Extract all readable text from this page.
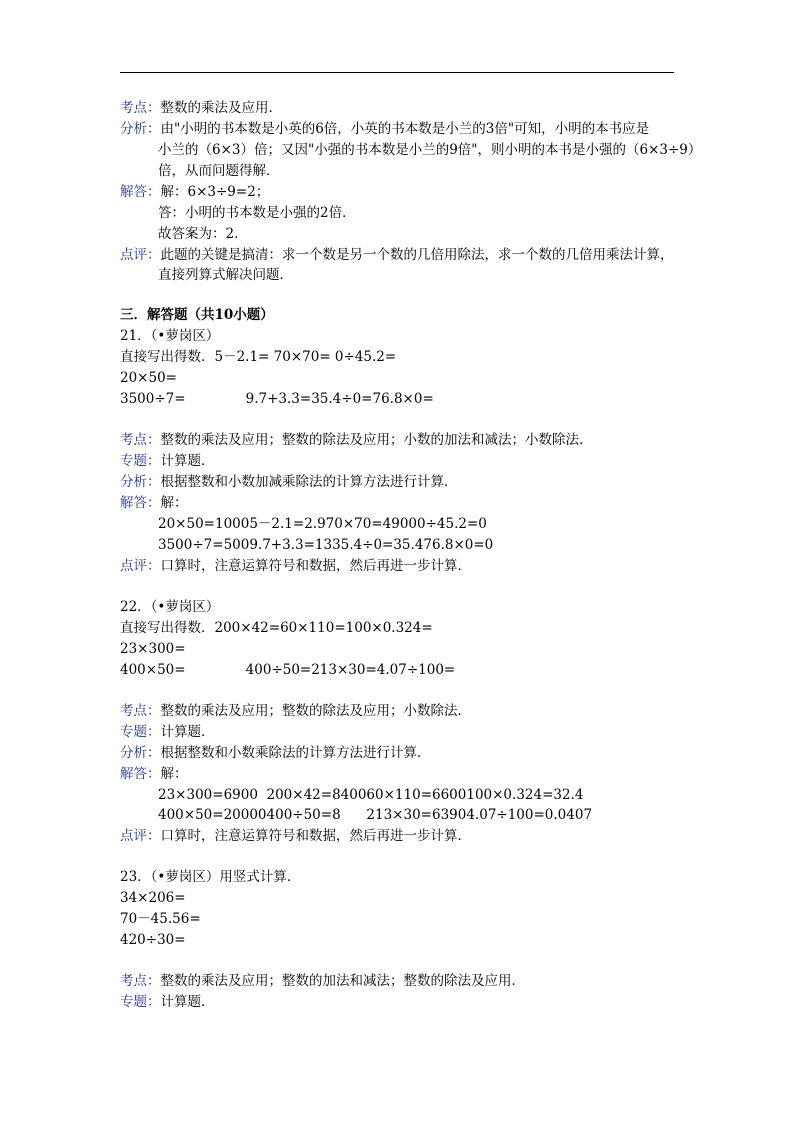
考点：整数的乘法及应用．
分析：由"小明的书本数是小英的6倍，小英的书本数是小兰的3倍"可知，小明的本书应是
小兰的（6×3）倍；又因"小强的书本数是小兰的9倍"，则小明的本书是小强的（6×3÷9）
倍，从而问题得解．
解答：解：6×3÷9=2；
答：小明的书本数是小强的2倍．
故答案为：2．
点评：此题的关键是搞清：求一个数是另一个数的几倍用除法，求一个数的几倍用乘法计算，
直接列算式解决问题．
三．解答题（共10小题）
21．（•萝岗区）
直接写出得数．5－2.1= 70×70= 0÷45.2=
20×50=
3500÷7=              9.7+3.3=35.4÷0=76.8×0=
考点：整数的乘法及应用；整数的除法及应用；小数的加法和减法；小数除法．
专题：计算题．
分析：根据整数和小数加减乘除法的计算方法进行计算．
解答：解：
20×50=10005－2.1=2.970×70=49000÷45.2=0
3500÷7=5009.7+3.3=1335.4÷0=35.476.8×0=0
点评：口算时，注意运算符号和数据，然后再进一步计算．
22．（•萝岗区）
直接写出得数．200×42=60×110=100×0.324=
23×300=
400×50=              400÷50=213×30=4.07÷100=
考点：整数的乘法及应用；整数的除法及应用；小数除法．
专题：计算题．
分析：根据整数和小数乘除法的计算方法进行计算．
解答：解：
23×300=6900  200×42=840060×110=6600100×0.324=32.4
400×50=20000400÷50=8      213×30=63904.07÷100=0.0407
点评：口算时，注意运算符号和数据，然后再进一步计算．
23．（•萝岗区）用竖式计算．
34×206=
70－45.56=
420÷30=
考点：整数的乘法及应用；整数的加法和减法；整数的除法及应用．
专题：计算题．
